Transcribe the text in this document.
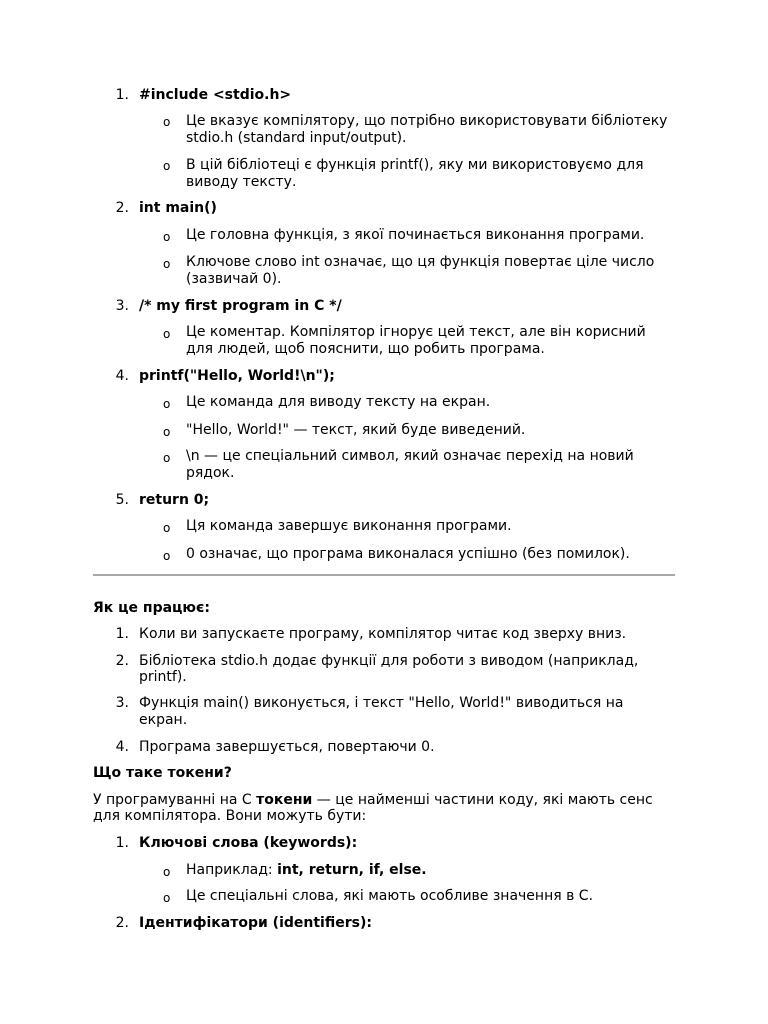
1. #include <stdio.h>
o Це вказує компілятору, що потрібно використовувати бібліотеку
stdio.h (standard input/output).
o В цій бібліотеці є функція printf(), яку ми використовуємо для
виводу тексту.
2. int main()
o Це головна функція, з якої починається виконання програми.
o Ключове слово int означає, що ця функція повертає ціле число
(зазвичай 0).
3. /* my first program in C */
o Це коментар. Компілятор ігнорує цей текст, але він корисний
для людей, щоб пояснити, що робить програма.
4. printf("Hello, World!\n");
o Це команда для виводу тексту на екран.
o "Hello, World!" — текст, який буде виведений.
o \n — це спеціальний символ, який означає перехід на новий
рядок.
5. return 0;
o Ця команда завершує виконання програми.
o 0 означає, що програма виконалася успішно (без помилок).
Як це працює:
1. Коли ви запускаєте програму, компілятор читає код зверху вниз.
2. Бібліотека stdio.h додає функції для роботи з виводом (наприклад,
printf).
3. Функція main() виконується, і текст "Hello, World!" виводиться на
екран.
4. Програма завершується, повертаючи 0.
Що таке токени?
У програмуванні на C токени — це найменші частини коду, які мають сенс
для компілятора. Вони можуть бути:
1. Ключові слова (keywords):
o Наприклад: int, return, if, else.
o Це спеціальні слова, які мають особливе значення в C.
2. Ідентифікатори (identifiers):
